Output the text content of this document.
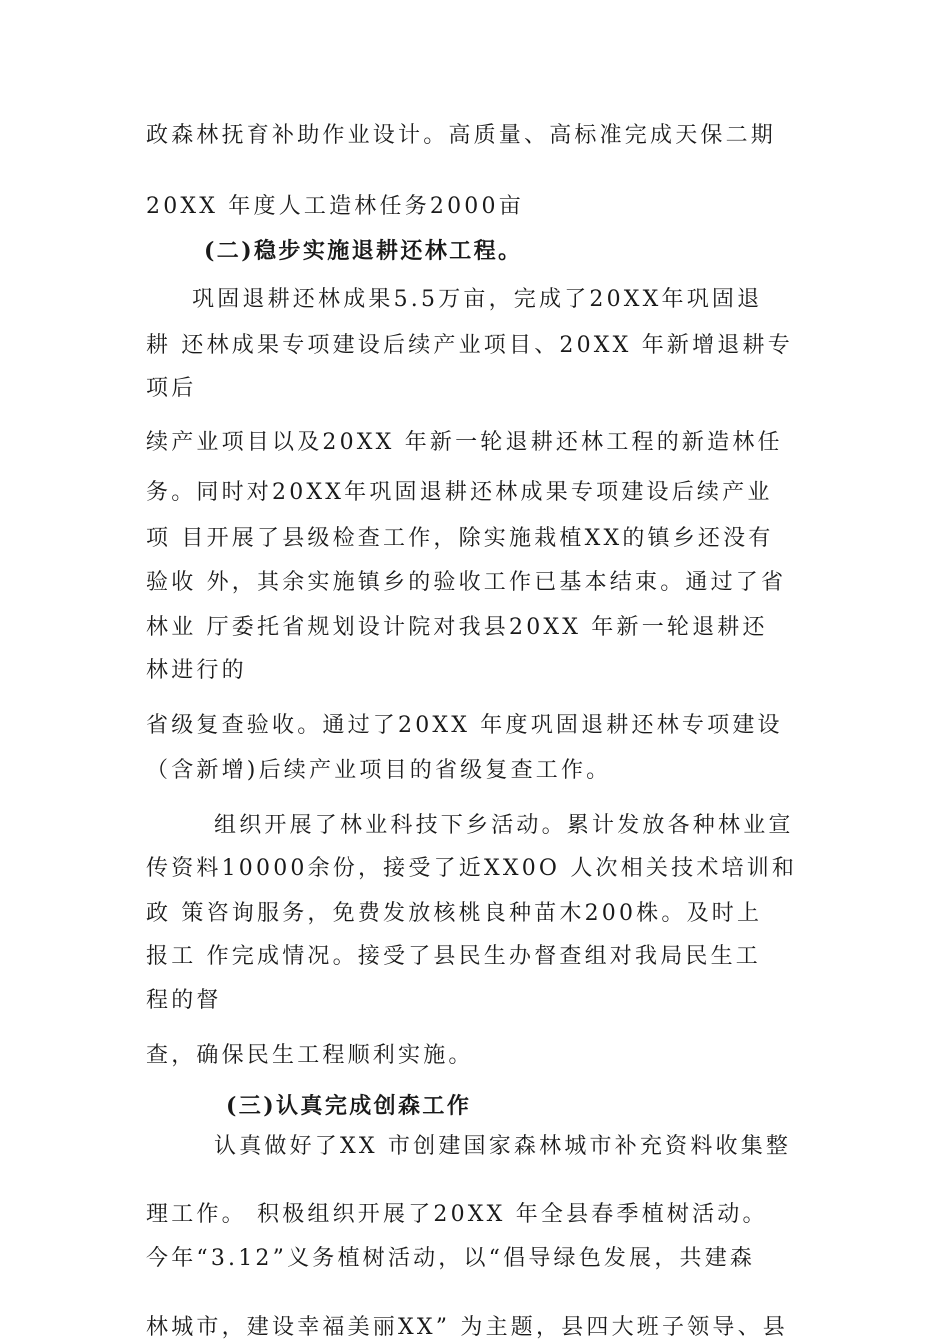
政森林抚育补助作业设计。高质量、高标准完成天保二期
20XX 年度人工造林任务2000亩
(二)稳步实施退耕还林工程。
巩固退耕还林成果5.5万亩，完成了20XX年巩固退
耕 还林成果专项建设后续产业项目、20XX 年新增退耕专
项后
续产业项目以及20XX 年新一轮退耕还林工程的新造林任
务。同时对20XX年巩固退耕还林成果专项建设后续产业
项 目开展了县级检查工作，除实施栽植XX的镇乡还没有
验收 外，其余实施镇乡的验收工作已基本结束。通过了省
林业 厅委托省规划设计院对我县20XX 年新一轮退耕还
林进行的
省级复查验收。通过了20XX 年度巩固退耕还林专项建设
（含新增)后续产业项目的省级复查工作。
组织开展了林业科技下乡活动。累计发放各种林业宣
传资料10000余份，接受了近XX0O 人次相关技术培训和
政 策咨询服务，免费发放核桃良种苗木200株。及时上
报工 作完成情况。接受了县民生办督查组对我局民生工
程的督
查，确保民生工程顺利实施。
(三)认真完成创森工作
认真做好了XX 市创建国家森林城市补充资料收集整
理工作。 积极组织开展了20XX 年全县春季植树活动。
今年“3.12”义务植树活动，以“倡导绿色发展，共建森
林城市，建设幸福美丽XX” 为主题，县四大班子领导、县
